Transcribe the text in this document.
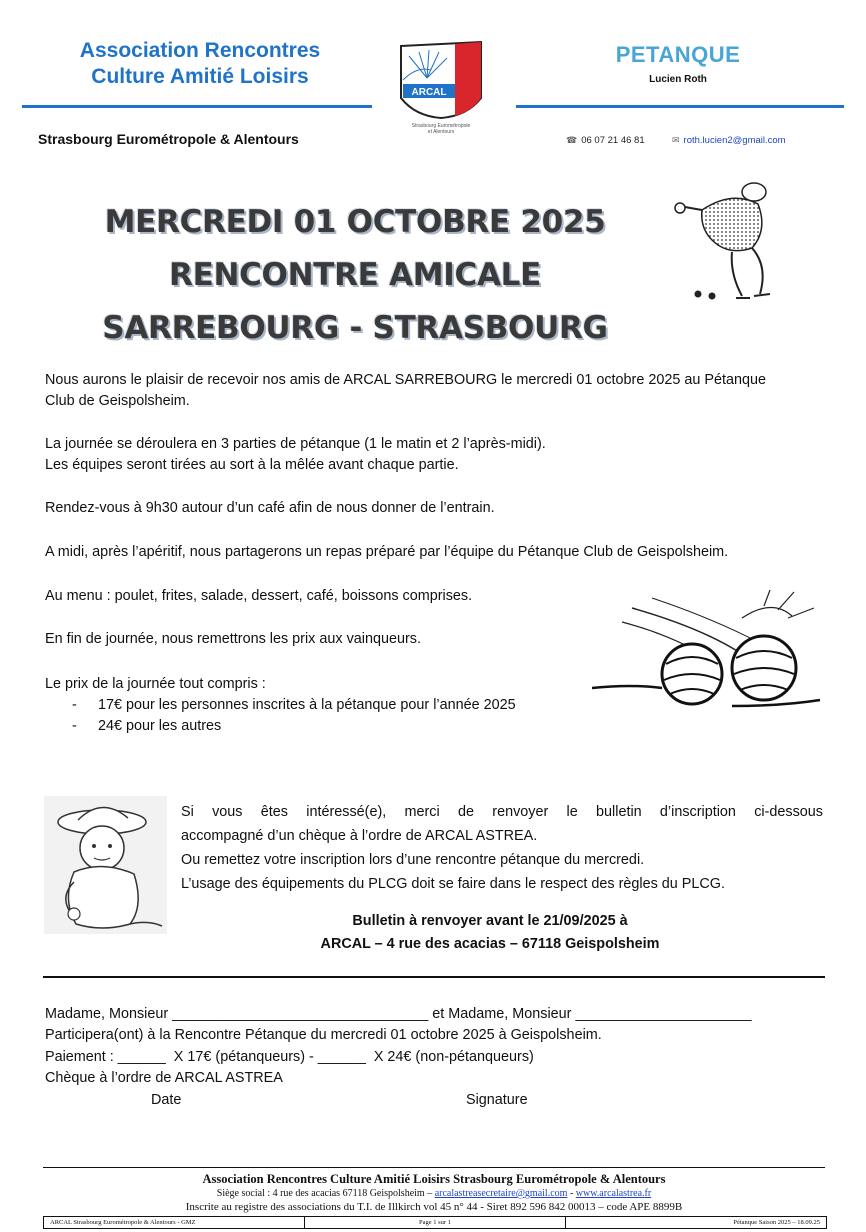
Association Rencontres
Culture Amitié Loisirs
Strasbourg Eurométropole & Alentours
ARCAL
Strasbourg Eurométropole
et Alentours
PETANQUE
Lucien Roth
☎ 06 07 21 46 81	✉ roth.lucien2@gmail.com
MERCREDI 01 OCTOBRE 2025
RENCONTRE AMICALE
SARREBOURG - STRASBOURG

Nous aurons le plaisir de recevoir nos amis de ARCAL SARREBOURG le mercredi 01 octobre 2025 au Pétanque

Club de Geispolsheim.

La journée se déroulera en 3 parties de pétanque (1 le matin et 2 l’après-midi).

Les équipes seront tirées au sort à la mêlée avant chaque partie.

Rendez-vous à 9h30 autour d’un café afin de nous donner de l’entrain.
A midi, après l’apéritif, nous partagerons un repas préparé par l’équipe du Pétanque Club de Geispolsheim.
Au menu : poulet, frites, salade, dessert, café, boissons comprises.
En fin de journée, nous remettrons les prix aux vainqueurs.

Le prix de la journée tout compris :

- 17€ pour les personnes inscrites à la pétanque pour l’année 2025
- 24€ pour les autres
Si vous êtes intéressé(e), merci de renvoyer le bulletin d’inscription ci-dessous
accompagné d’un chèque à l’ordre de ARCAL ASTREA.
Ou remettez votre inscription lors d’une rencontre pétanque du mercredi.
L’usage des équipements du PLCG doit se faire dans le respect des règles du PLCG.
Bulletin à renvoyer avant le 21/09/2025 à
ARCAL – 4 rue des acacias – 67118 Geispolsheim
Madame, Monsieur ________________________________ et Madame, Monsieur ______________________
Participera(ont) à la Rencontre Pétanque du mercredi 01 octobre 2025 à Geispolsheim.
Paiement : ______  X 17€ (pétanqueurs) - ______  X 24€ (non-pétanqueurs)
Chèque à l’ordre de ARCAL ASTREA
Date	Signature
Association Rencontres Culture Amitié Loisirs Strasbourg Eurométropole & Alentours
Siège social : 4 rue des acacias 67118 Geispolsheim – arcalastreasecretaire@gmail.com - www.arcalastrea.fr
Inscrite au registre des associations du T.I. de Illkirch vol 45 n° 44 - Siret 892 596 842 00013 – code APE 8899B
ARCAL Strasbourg Eurométropole & Alentours - GMZ	Page 1 sur 1	Pétanque Saison 2025 – 18.09.25
